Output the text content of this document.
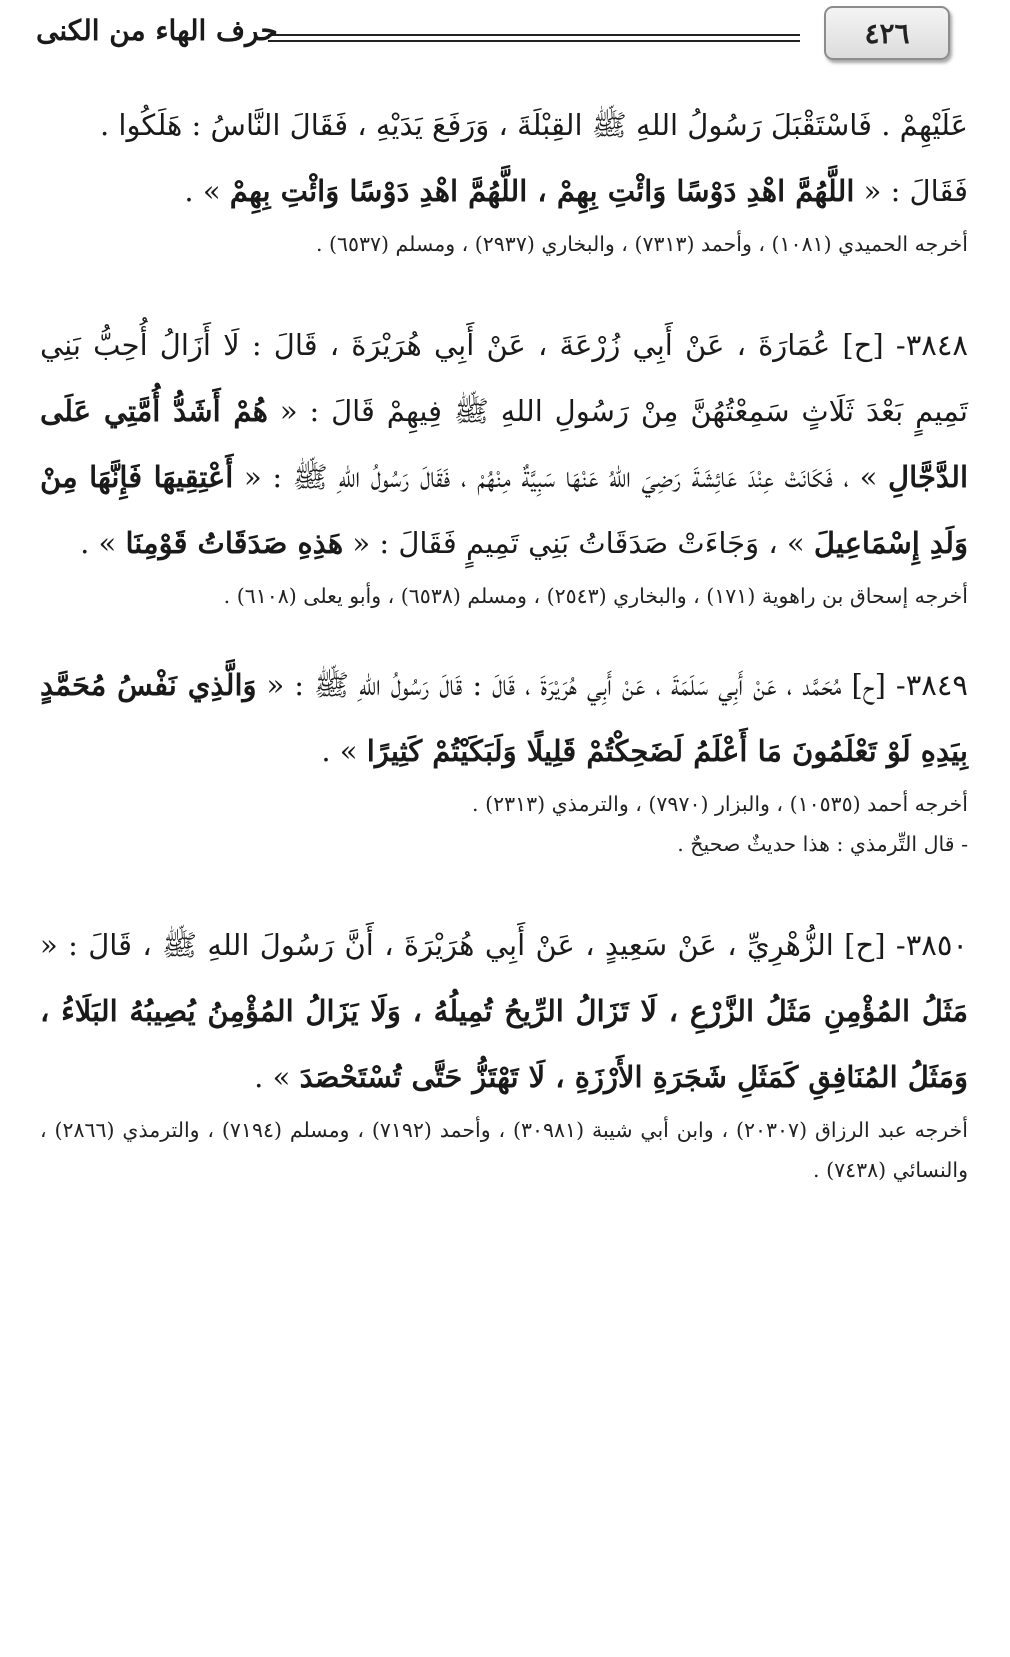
٤٢٦
حرف الهاء من الكنى

عَلَيْهِمْ . فَاسْتَقْبَلَ رَسُولُ اللهِ ﷺ القِبْلَةَ ، وَرَفَعَ يَدَيْهِ ، فَقَالَ النَّاسُ : هَلَكُوا .

فَقَالَ : « اللَّهُمَّ اهْدِ دَوْسًا وَائْتِ بِهِمْ ، اللَّهُمَّ اهْدِ دَوْسًا وَائْتِ بِهِمْ » .

أخرجه الحميدي (١٠٨١) ، وأحمد (٧٣١٣) ، والبخاري (٢٩٣٧) ، ومسلم (٦٥٣٧) .

٣٨٤٨- [ح] عُمَارَةَ ، عَنْ أَبِي زُرْعَةَ ، عَنْ أَبِي هُرَيْرَةَ ، قَالَ : لَا أَزَالُ أُحِبُّ بَنِي تَمِيمٍ بَعْدَ ثَلَاثٍ سَمِعْتُهُنَّ مِنْ رَسُولِ اللهِ ﷺ فِيهِمْ قَالَ : « هُمْ أَشَدُّ أُمَّتِي عَلَى الدَّجَّالِ » ، فَكَانَتْ عِنْدَ عَائِشَةَ رَضِيَ اللهُ عَنْهَا سَبِيَّةٌ مِنْهُمْ ، فَقَالَ رَسُولُ اللهِ ﷺ : « أَعْتِقِيهَا فَإِنَّهَا مِنْ وَلَدِ إِسْمَاعِيلَ » ، وَجَاءَتْ صَدَقَاتُ بَنِي تَمِيمٍ فَقَالَ : « هَذِهِ صَدَقَاتُ قَوْمِنَا » .

أخرجه إسحاق بن راهوية (١٧١) ، والبخاري (٢٥٤٣) ، ومسلم (٦٥٣٨) ، وأبو يعلى (٦١٠٨) .

٣٨٤٩- [ح] مُحَمَّد ، عَنْ أَبِي سَلَمَةَ ، عَنْ أَبِي هُرَيْرَةَ ، قَالَ : قَالَ رَسُولُ اللهِ ﷺ : « وَالَّذِي نَفْسُ مُحَمَّدٍ بِيَدِهِ لَوْ تَعْلَمُونَ مَا أَعْلَمُ لَضَحِكْتُمْ قَلِيلًا وَلَبَكَيْتُمْ كَثِيرًا » .

أخرجه أحمد (١٠٥٣٥) ، والبزار (٧٩٧٠) ، والترمذي (٢٣١٣) .

- قال التِّرمذي : هذا حديثٌ صحيحٌ .

٣٨٥٠- [ح] الزُّهْرِيِّ ، عَنْ سَعِيدٍ ، عَنْ أَبِي هُرَيْرَةَ ، أَنَّ رَسُولَ اللهِ ﷺ ، قَالَ : « مَثَلُ المُؤْمِنِ مَثَلُ الزَّرْعِ ، لَا تَزَالُ الرِّيحُ تُمِيلُهُ ، وَلَا يَزَالُ المُؤْمِنُ يُصِيبُهُ البَلَاءُ ، وَمَثَلُ المُنَافِقِ كَمَثَلِ شَجَرَةِ الأَرْزَةِ ، لَا تَهْتَزُّ حَتَّى تُسْتَحْصَدَ » .

أخرجه عبد الرزاق (٢٠٣٠٧) ، وابن أبي شيبة (٣٠٩٨١) ، وأحمد (٧١٩٢) ، ومسلم (٧١٩٤) ، والترمذي (٢٨٦٦) ، والنسائي (٧٤٣٨) .
